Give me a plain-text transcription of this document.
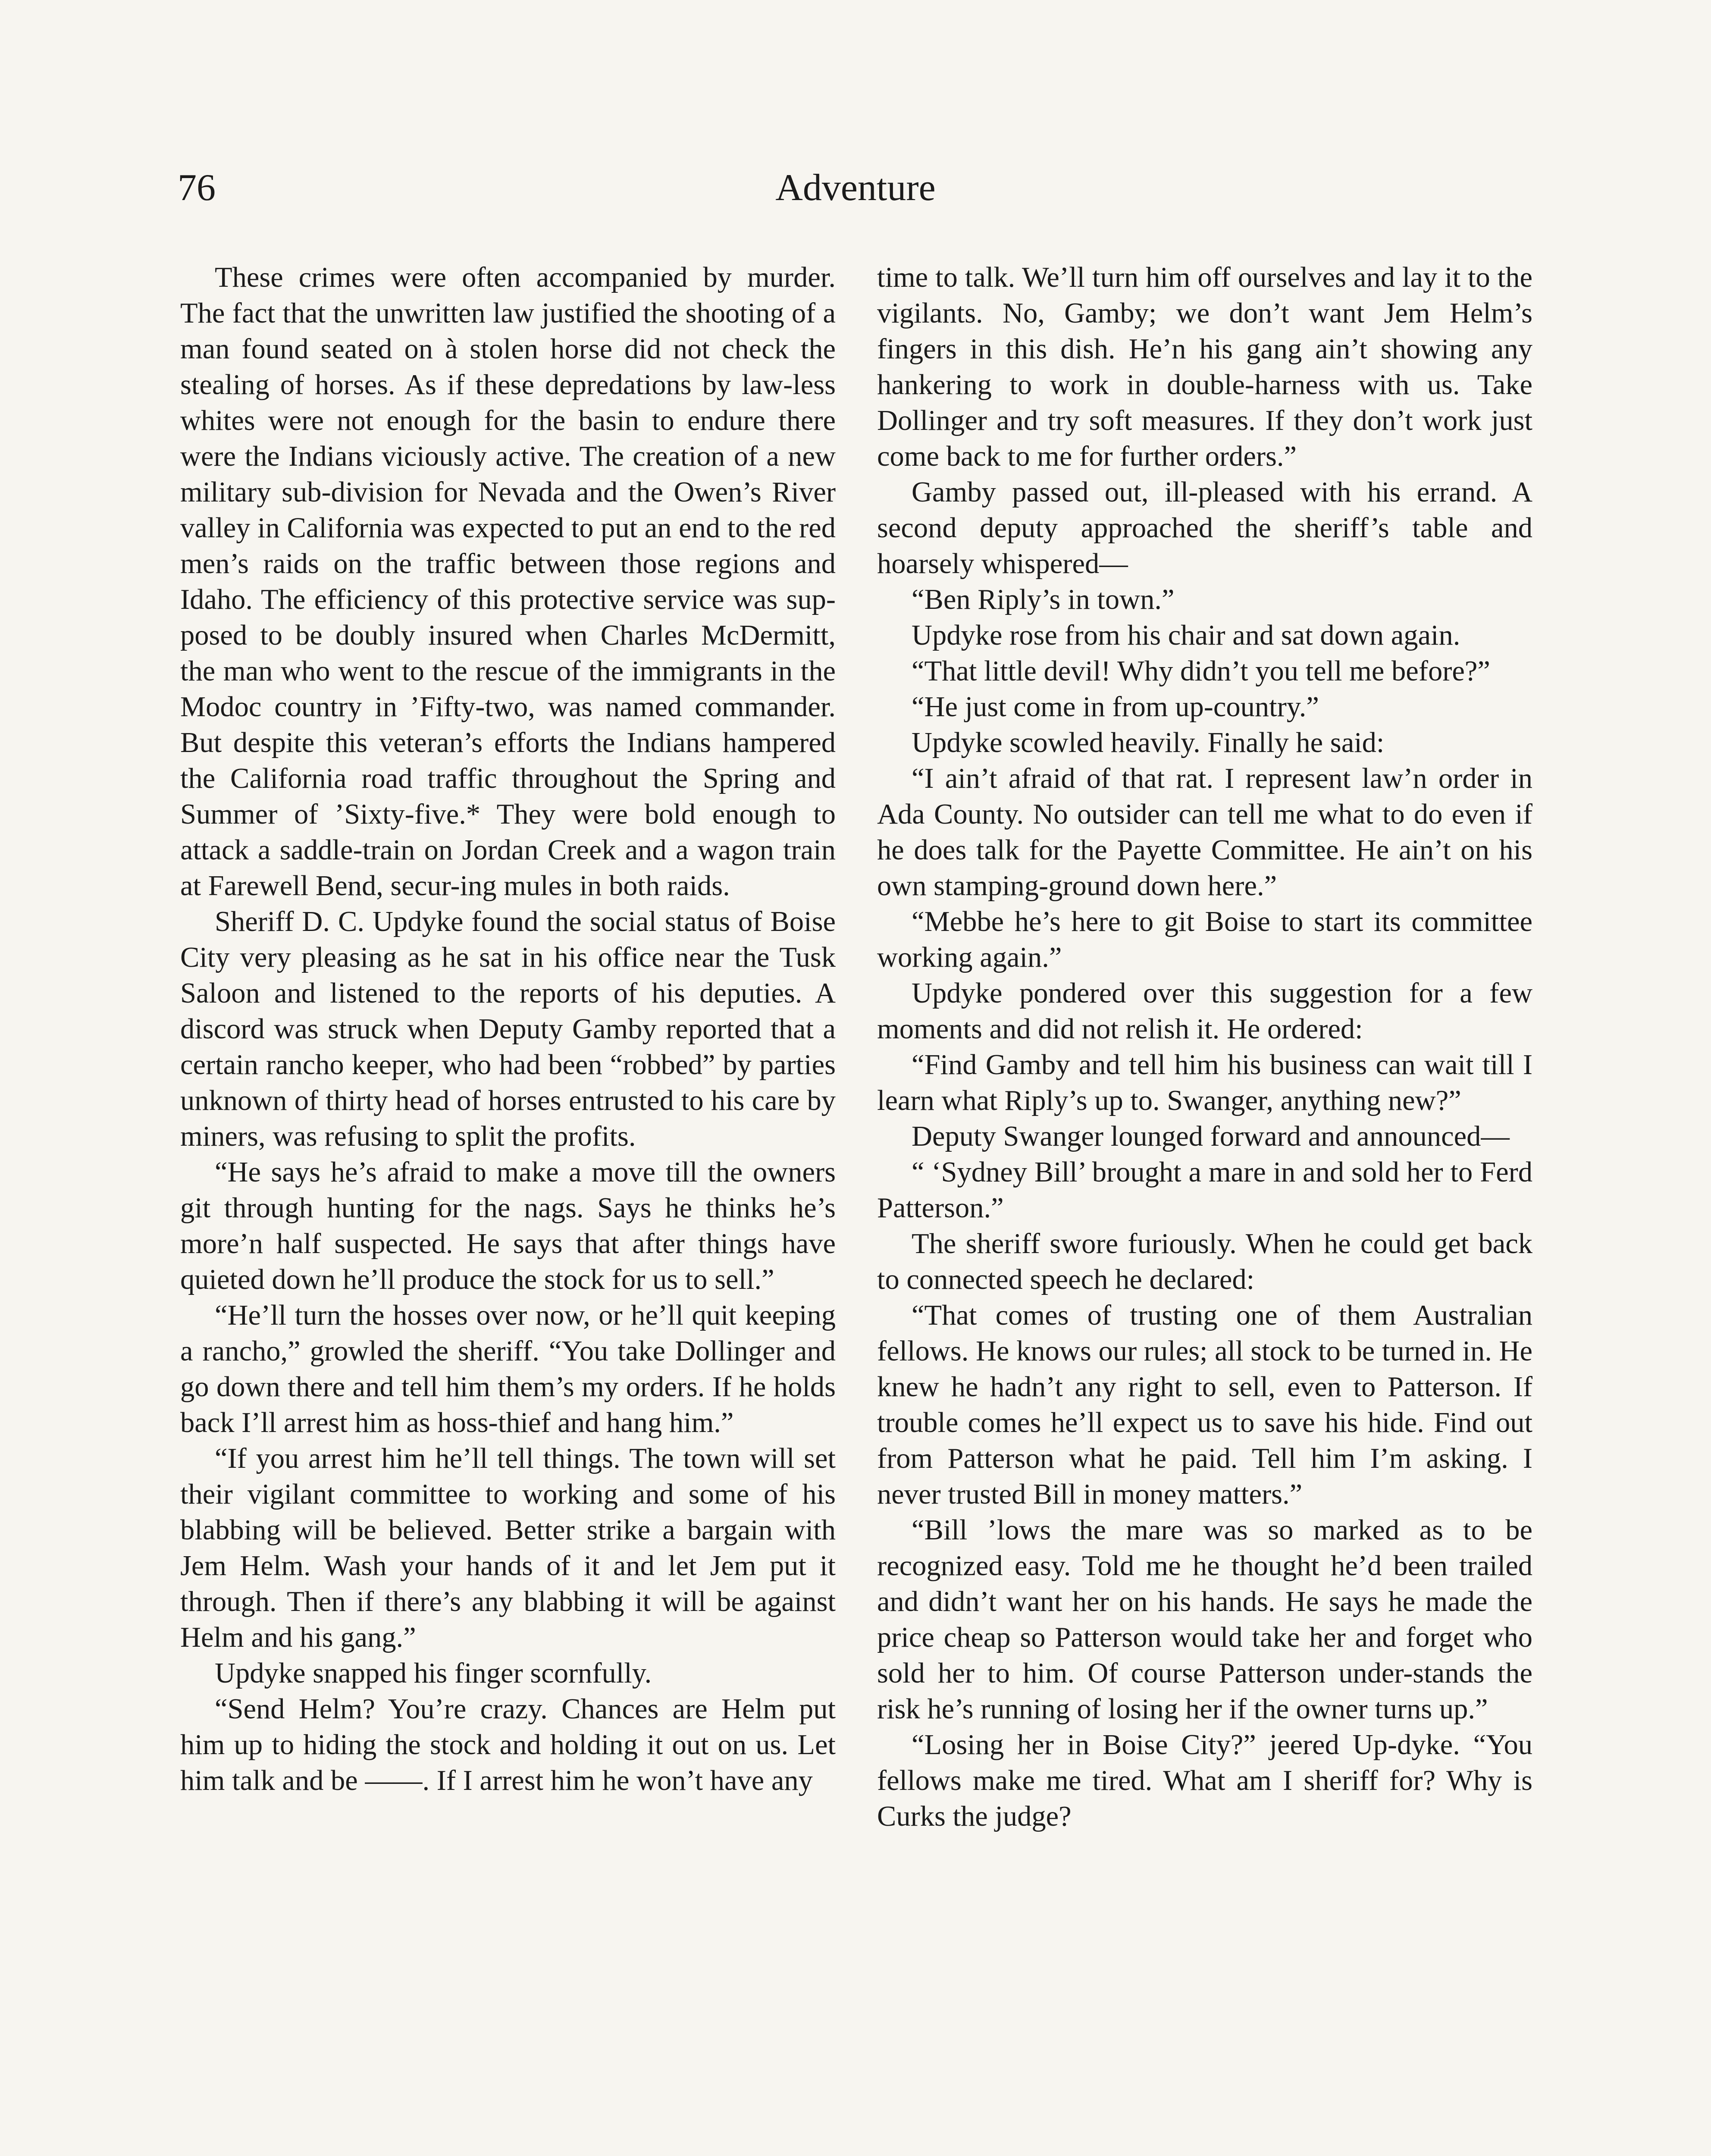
76	Adventure

These crimes were often accompanied by murder. The fact that the unwritten law justified the shooting of a man found seated on à stolen horse did not check the stealing of horses. As if these depredations by law-less whites were not enough for the basin to endure there were the Indians viciously active. The creation of a new military sub-division for Nevada and the Owen’s River valley in California was expected to put an end to the red men’s raids on the traffic between those regions and Idaho. The efficiency of this protective service was sup-posed to be doubly insured when Charles McDermitt, the man who went to the rescue of the immigrants in the Modoc country in ’Fifty-two, was named commander. But despite this veteran’s efforts the Indians hampered the California road traffic throughout the Spring and Summer of ’Sixty-five.* They were bold enough to attack a saddle-train on Jordan Creek and a wagon train at Farewell Bend, secur-ing mules in both raids.

Sheriff D. C. Updyke found the social status of Boise City very pleasing as he sat in his office near the Tusk Saloon and listened to the reports of his deputies. A discord was struck when Deputy Gamby reported that a certain rancho keeper, who had been “robbed” by parties unknown of thirty head of horses entrusted to his care by miners, was refusing to split the profits.

“He says he’s afraid to make a move till the owners git through hunting for the nags. Says he thinks he’s more’n half suspected. He says that after things have quieted down he’ll produce the stock for us to sell.”

“He’ll turn the hosses over now, or he’ll quit keeping a rancho,” growled the sheriff. “You take Dollinger and go down there and tell him them’s my orders. If he holds back I’ll arrest him as hoss-thief and hang him.”

“If you arrest him he’ll tell things. The town will set their vigilant committee to working and some of his blabbing will be believed. Better strike a bargain with Jem Helm. Wash your hands of it and let Jem put it through. Then if there’s any blabbing it will be against Helm and his gang.”

Updyke snapped his finger scornfully.

“Send Helm? You’re crazy. Chances are Helm put him up to hiding the stock and holding it out on us. Let him talk and be ——. If I arrest him he won’t have any

time to talk. We’ll turn him off ourselves and lay it to the vigilants. No, Gamby; we don’t want Jem Helm’s fingers in this dish. He’n his gang ain’t showing any hankering to work in double-harness with us. Take Dollinger and try soft measures. If they don’t work just come back to me for further orders.”

Gamby passed out, ill-pleased with his errand. A second deputy approached the sheriff’s table and hoarsely whispered—

“Ben Riply’s in town.”

Updyke rose from his chair and sat down again.

“That little devil! Why didn’t you tell me before?”

“He just come in from up-country.”

Updyke scowled heavily. Finally he said:

“I ain’t afraid of that rat. I represent law’n order in Ada County. No outsider can tell me what to do even if he does talk for the Payette Committee. He ain’t on his own stamping-ground down here.”

“Mebbe he’s here to git Boise to start its committee working again.”

Updyke pondered over this suggestion for a few moments and did not relish it. He ordered:

“Find Gamby and tell him his business can wait till I learn what Riply’s up to. Swanger, anything new?”

Deputy Swanger lounged forward and announced—

“ ‘Sydney Bill’ brought a mare in and sold her to Ferd Patterson.”

The sheriff swore furiously. When he could get back to connected speech he declared:

“That comes of trusting one of them Australian fellows. He knows our rules; all stock to be turned in. He knew he hadn’t any right to sell, even to Patterson. If trouble comes he’ll expect us to save his hide. Find out from Patterson what he paid. Tell him I’m asking. I never trusted Bill in money matters.”

“Bill ’lows the mare was so marked as to be recognized easy. Told me he thought he’d been trailed and didn’t want her on his hands. He says he made the price cheap so Patterson would take her and forget who sold her to him. Of course Patterson under-stands the risk he’s running of losing her if the owner turns up.”

“Losing her in Boise City?” jeered Up-dyke. “You fellows make me tired. What am I sheriff for? Why is Curks the judge?
